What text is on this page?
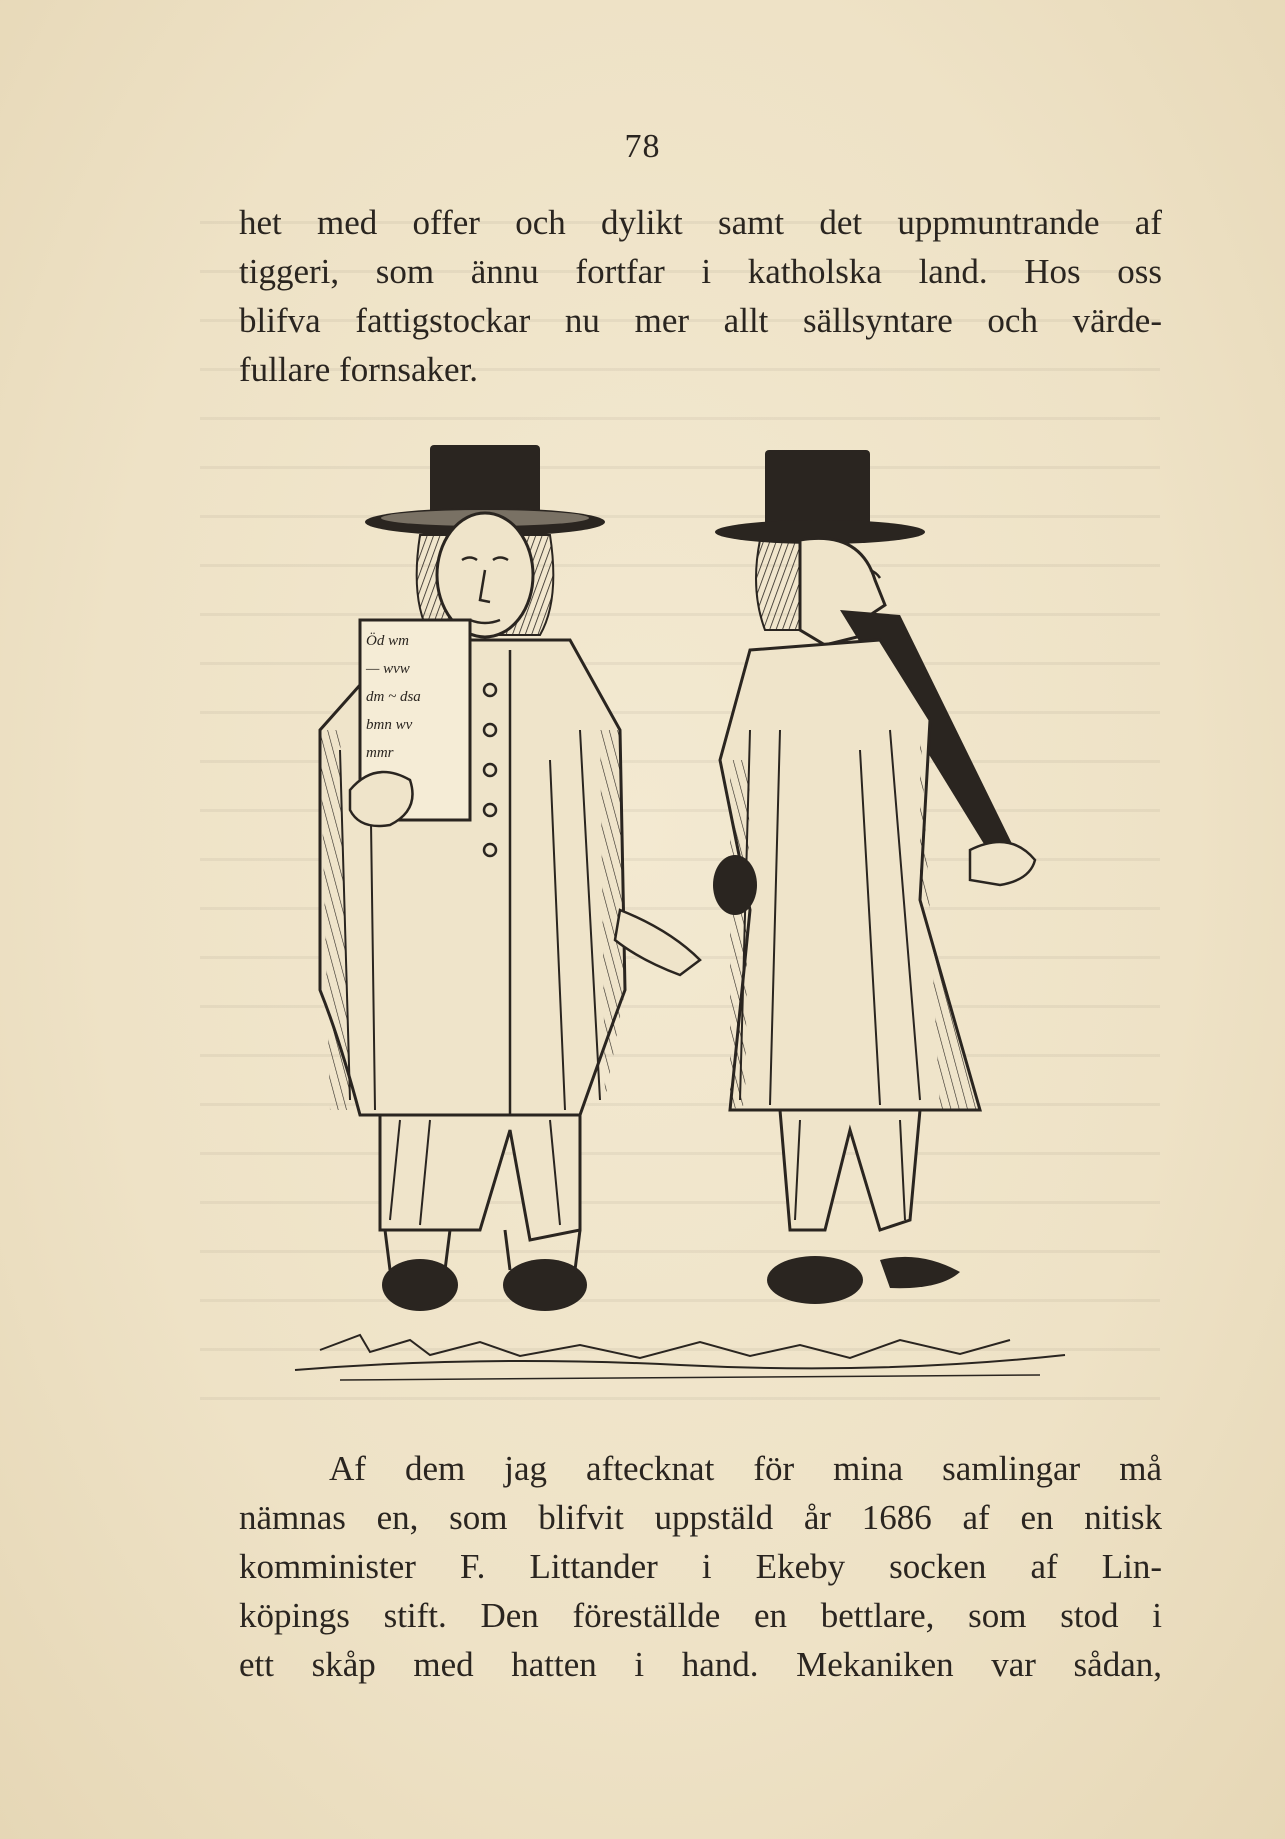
78
het med offer och dylikt samt det uppmuntrande af
tiggeri, som ännu fortfar i katholska land. Hos oss
blifva fattigstockar nu mer allt sällsyntare och värde-
fullare fornsaker.
Öd wm
— wvw
dm ~ dsa
bmn wv
mmr
Af dem jag aftecknat för mina samlingar må
nämnas en, som blifvit uppstäld år 1686 af en nitisk
komminister F. Littander i Ekeby socken af Lin-
köpings stift. Den föreställde en bettlare, som stod i
ett skåp med hatten i hand. Mekaniken var sådan,
